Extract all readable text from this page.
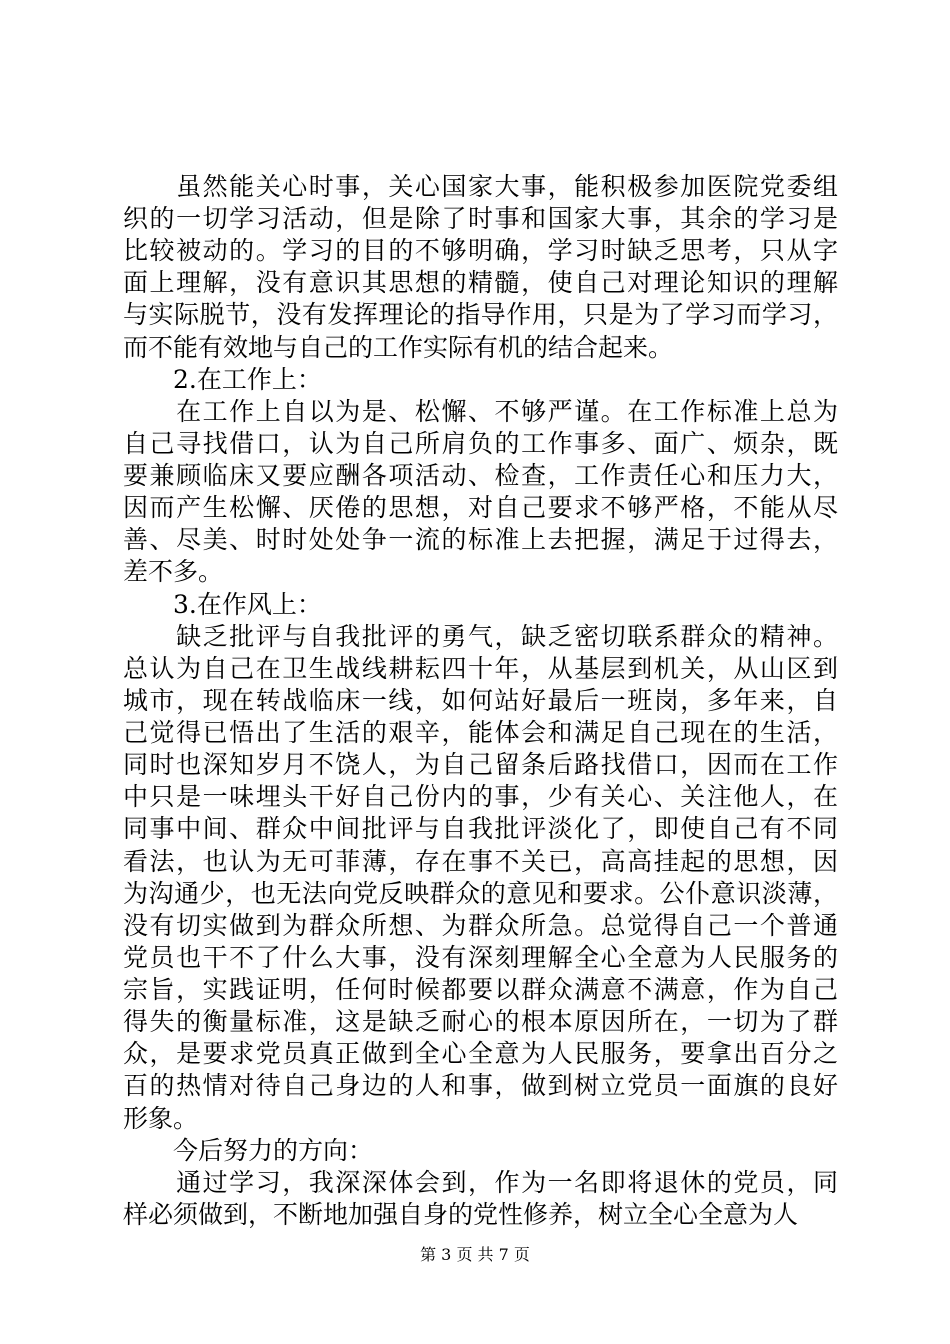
　　虽然能关心时事，关心国家大事，能积极参加医院党委组
织的一切学习活动，但是除了时事和国家大事，其余的学习是
比较被动的。学习的目的不够明确，学习时缺乏思考，只从字
面上理解，没有意识其思想的精髓，使自己对理论知识的理解
与实际脱节，没有发挥理论的指导作用，只是为了学习而学习，
而不能有效地与自己的工作实际有机的结合起来。
　　2.在工作上：
　　在工作上自以为是、松懈、不够严谨。在工作标准上总为
自己寻找借口，认为自己所肩负的工作事多、面广、烦杂，既
要兼顾临床又要应酬各项活动、检查，工作责任心和压力大，
因而产生松懈、厌倦的思想，对自己要求不够严格，不能从尽
善、尽美、时时处处争一流的标准上去把握，满足于过得去，
差不多。
　　3.在作风上：
　　缺乏批评与自我批评的勇气，缺乏密切联系群众的精神。
总认为自己在卫生战线耕耘四十年，从基层到机关，从山区到
城市，现在转战临床一线，如何站好最后一班岗，多年来，自
己觉得已悟出了生活的艰辛，能体会和满足自己现在的生活，
同时也深知岁月不饶人，为自己留条后路找借口，因而在工作
中只是一味埋头干好自己份内的事，少有关心、关注他人，在
同事中间、群众中间批评与自我批评淡化了，即使自己有不同
看法，也认为无可菲薄，存在事不关已，高高挂起的思想，因
为沟通少，也无法向党反映群众的意见和要求。公仆意识淡薄，
没有切实做到为群众所想、为群众所急。总觉得自己一个普通
党员也干不了什么大事，没有深刻理解全心全意为人民服务的
宗旨，实践证明，任何时候都要以群众满意不满意，作为自己
得失的衡量标准，这是缺乏耐心的根本原因所在，一切为了群
众，是要求党员真正做到全心全意为人民服务，要拿出百分之
百的热情对待自己身边的人和事，做到树立党员一面旗的良好
形象。
　　今后努力的方向：
　　通过学习，我深深体会到，作为一名即将退休的党员，同
样必须做到，不断地加强自身的党性修养，树立全心全意为人
第 3 页 共 7 页
